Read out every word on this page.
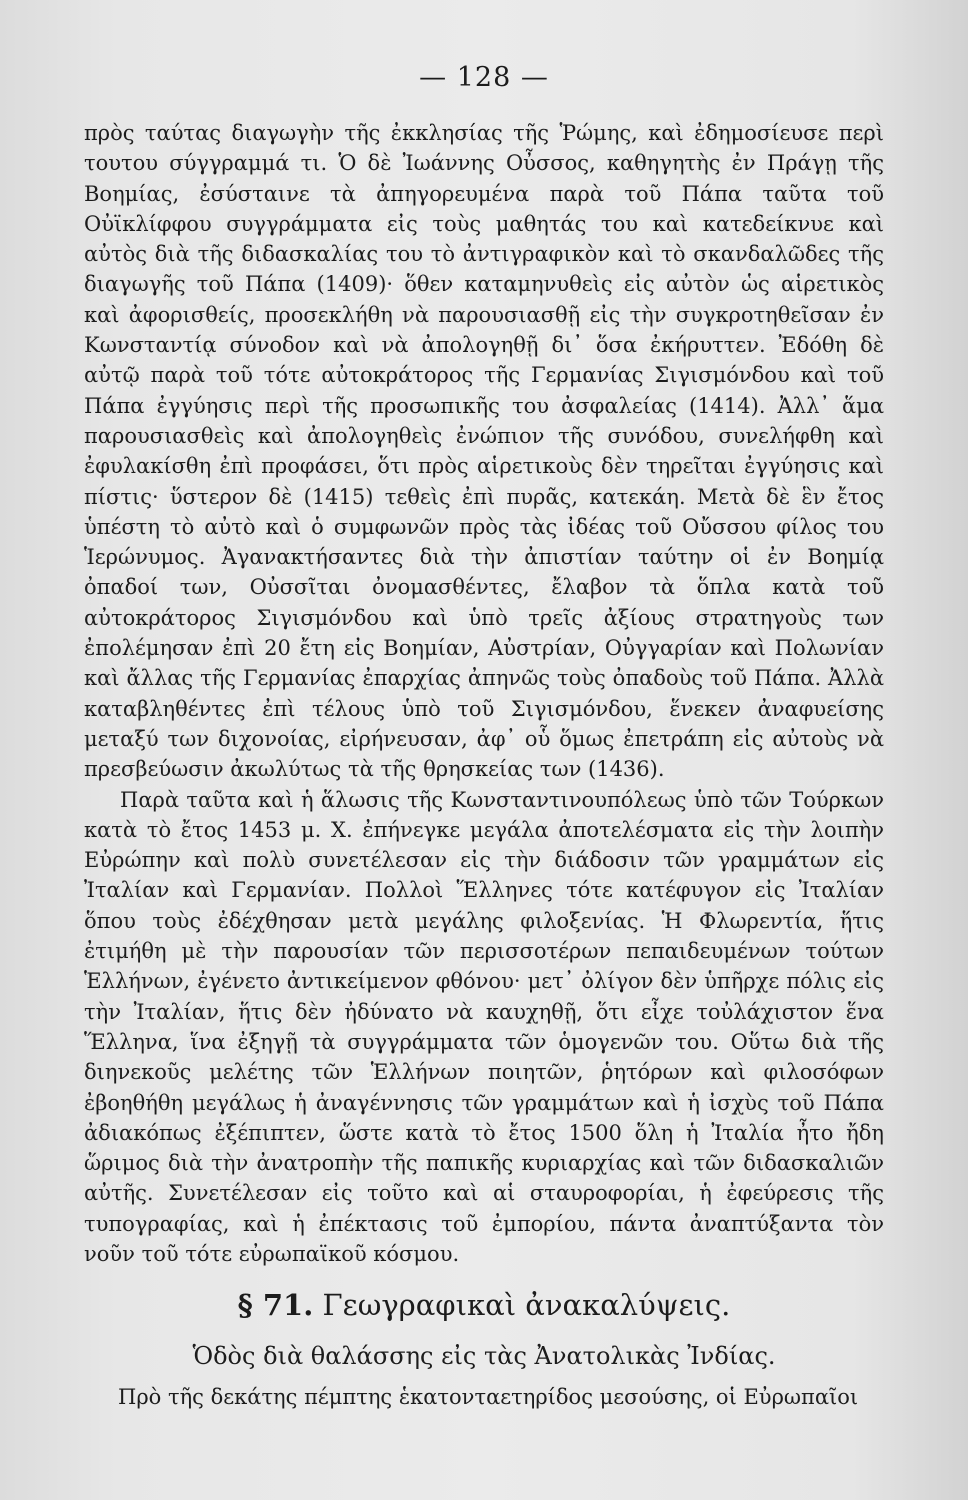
— 128 —

πρὸς ταύτας διαγωγὴν τῆς ἐκκλησίας τῆς Ῥώμης, καὶ ἐδημοσίευσε περὶ τουτου σύγγραμμά τι. Ὁ δὲ Ἰωάννης Οὖσσος, καθηγητὴς ἐν Πράγῃ τῆς Βοημίας, ἐσύσταινε τὰ ἀπηγορευμένα παρὰ τοῦ Πάπα ταῦτα τοῦ Οὐϊκλίφφου συγγράμματα εἰς τοὺς μαθητάς του καὶ κατεδείκνυε καὶ αὐτὸς διὰ τῆς διδασκαλίας του τὸ ἀντιγραφικὸν καὶ τὸ σκανδαλῶδες τῆς διαγωγῆς τοῦ Πάπα (1409)· ὅθεν καταμηνυθεὶς εἰς αὐτὸν ὡς αἱρετικὸς καὶ ἀφορισθείς, προσεκλήθη νὰ παρουσιασθῇ εἰς τὴν συγκροτηθεῖσαν ἐν Κωνσταντίᾳ σύνοδον καὶ νὰ ἀπολογηθῇ δι᾽ ὅσα ἐκήρυττεν. Ἐδόθη δὲ αὐτῷ παρὰ τοῦ τότε αὐτοκράτορος τῆς Γερμανίας Σιγισμόνδου καὶ τοῦ Πάπα ἐγγύησις περὶ τῆς προσωπικῆς του ἀσφαλείας (1414). Ἀλλ᾽ ἅμα παρουσιασθεὶς καὶ ἀπολογηθεὶς ἐνώπιον τῆς συνόδου, συνελήφθη καὶ ἐφυλακίσθη ἐπὶ προφάσει, ὅτι πρὸς αἱρετικοὺς δὲν τηρεῖται ἐγγύησις καὶ πίστις· ὕστερον δὲ (1415) τεθεὶς ἐπὶ πυρᾶς, κατεκάη. Μετὰ δὲ ἓν ἔτος ὑπέστη τὸ αὐτὸ καὶ ὁ συμφωνῶν πρὸς τὰς ἰδέας τοῦ Οὔσσου φίλος του Ἱερώνυμος. Ἀγανακτήσαντες διὰ τὴν ἀπιστίαν ταύτην οἱ ἐν Βοημίᾳ ὀπαδοί των, Οὐσσῖται ὀνομασθέντες, ἔλαβον τὰ ὅπλα κατὰ τοῦ αὐτοκράτορος Σιγισμόνδου καὶ ὑπὸ τρεῖς ἀξίους στρατηγοὺς των ἐπολέμησαν ἐπὶ 20 ἔτη εἰς Βοημίαν, Αὐστρίαν, Οὐγγαρίαν καὶ Πολωνίαν καὶ ἄλλας τῆς Γερμανίας ἐπαρχίας ἀπηνῶς τοὺς ὀπαδοὺς τοῦ Πάπα. Ἀλλὰ καταβληθέντες ἐπὶ τέλους ὑπὸ τοῦ Σιγισμόνδου, ἕνεκεν ἀναφυείσης μεταξύ των διχονοίας, εἰρήνευσαν, ἀφ᾽ οὗ ὅμως ἐπετράπη εἰς αὐτοὺς νὰ πρεσβεύωσιν ἀκωλύτως τὰ τῆς θρησκείας των (1436).

Παρὰ ταῦτα καὶ ἡ ἅλωσις τῆς Κωνσταντινουπόλεως ὑπὸ τῶν Τούρκων κατὰ τὸ ἔτος 1453 μ. Χ. ἐπήνεγκε μεγάλα ἀποτελέσματα εἰς τὴν λοιπὴν Εὐρώπην καὶ πολὺ συνετέλεσαν εἰς τὴν διάδοσιν τῶν γραμμάτων εἰς Ἰταλίαν καὶ Γερμανίαν. Πολλοὶ Ἕλληνες τότε κατέφυγον εἰς Ἰταλίαν ὅπου τοὺς ἐδέχθησαν μετὰ μεγάλης φιλοξενίας. Ἡ Φλωρεντία, ἥτις ἐτιμήθη μὲ τὴν παρουσίαν τῶν περισσοτέρων πεπαιδευμένων τούτων Ἑλλήνων, ἐγένετο ἀντικείμενον φθόνου· μετ᾽ ὀλίγον δὲν ὑπῆρχε πόλις εἰς τὴν Ἰταλίαν, ἥτις δὲν ἠδύνατο νὰ καυχηθῇ, ὅτι εἶχε τοὐλάχιστον ἕνα Ἕλληνα, ἵνα ἐξηγῇ τὰ συγγράμματα τῶν ὁμογενῶν του. Οὕτω διὰ τῆς διηνεκοῦς μελέτης τῶν Ἑλλήνων ποιητῶν, ῥητόρων καὶ φιλοσόφων ἐβοηθήθη μεγάλως ἡ ἀναγέννησις τῶν γραμμάτων καὶ ἡ ἰσχὺς τοῦ Πάπα ἀδιακόπως ἐξέπιπτεν, ὥστε κατὰ τὸ ἔτος 1500 ὅλη ἡ Ἰταλία ἦτο ἤδη ὥριμος διὰ τὴν ἀνατροπὴν τῆς παπικῆς κυριαρχίας καὶ τῶν διδασκαλιῶν αὐτῆς. Συνετέλεσαν εἰς τοῦτο καὶ αἱ σταυροφορίαι, ἡ ἐφεύρεσις τῆς τυπογραφίας, καὶ ἡ ἐπέκτασις τοῦ ἐμπορίου, πάντα ἀναπτύξαντα τὸν νοῦν τοῦ τότε εὐρωπαϊκοῦ κόσμου.

§ 71. Γεωγραφικαὶ ἀνακαλύψεις.
Ὁδὸς διὰ θαλάσσης εἰς τὰς Ἀνατολικὰς Ἰνδίας.
Πρὸ τῆς δεκάτης πέμπτης ἑκατονταετηρίδος μεσούσης, οἱ Εὐρωπαῖοι
